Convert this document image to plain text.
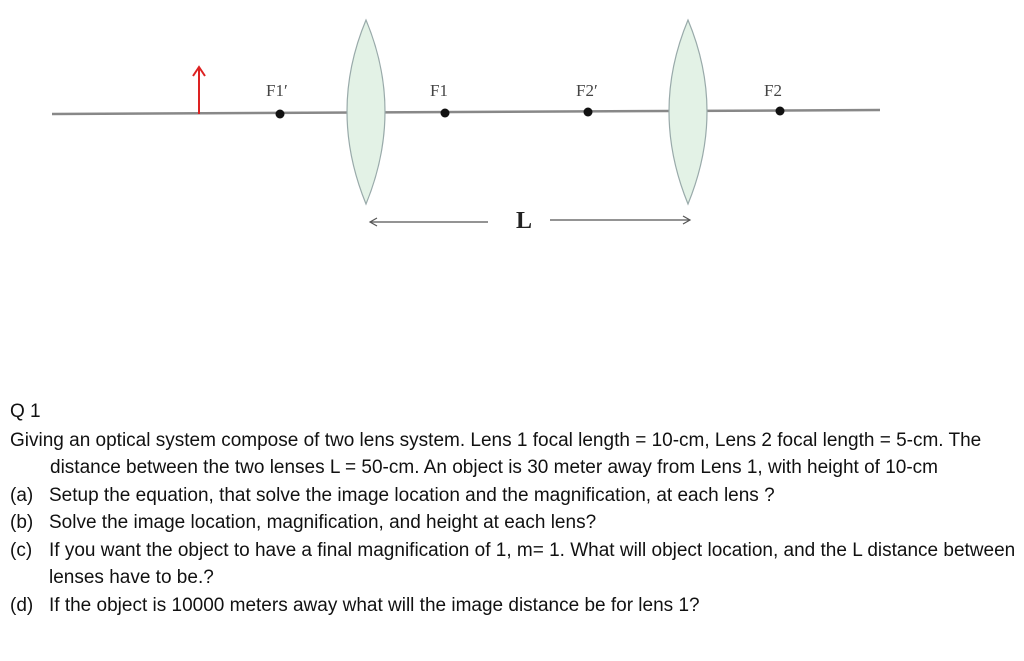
F1′	F1	F2′	F2
L
Q 1

Giving an optical system compose of two lens system. Lens 1 focal length = 10-cm, Lens 2 focal length = 5-cm. The distance between the two lenses L = 50-cm. An object is 30 meter away from Lens 1, with height of 10-cm

(a) Setup the equation, that solve the image location and the magnification, at each lens ?
(b) Solve the image location, magnification, and height at each lens?
(c) If you want the object to have a final magnification of 1, m= 1. What will object location, and the L distance between lenses have to be.?
(d) If the object is 10000 meters away what will the image distance be for lens 1?
